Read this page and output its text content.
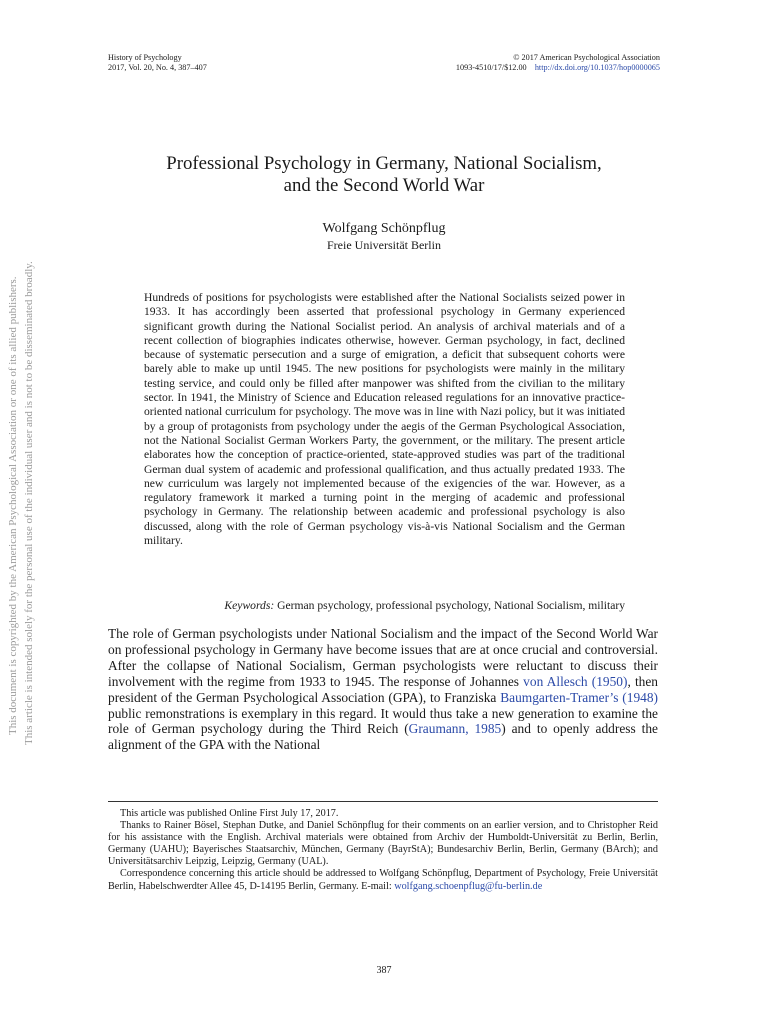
This document is copyrighted by the American Psychological Association or one of its allied publishers. This article is intended solely for the personal use of the individual user and is not to be disseminated broadly.
History of Psychology
2017, Vol. 20, No. 4, 387–407
© 2017 American Psychological Association
1093-4510/17/$12.00 http://dx.doi.org/10.1037/hop0000065
Professional Psychology in Germany, National Socialism,
and the Second World War
Wolfgang Schönpflug
Freie Universität Berlin
Hundreds of positions for psychologists were established after the National Socialists seized power in 1933. It has accordingly been asserted that professional psychology in Germany experienced significant growth during the National Socialist period. An analysis of archival materials and of a recent collection of biographies indicates otherwise, however. German psychology, in fact, declined because of systematic persecution and a surge of emigration, a deficit that subsequent cohorts were barely able to make up until 1945. The new positions for psychologists were mainly in the military testing service, and could only be filled after manpower was shifted from the civilian to the military sector. In 1941, the Ministry of Science and Education released regulations for an innovative practice-oriented national curriculum for psychology. The move was in line with Nazi policy, but it was initiated by a group of protagonists from psychology under the aegis of the German Psychological Association, not the National Socialist German Workers Party, the government, or the military. The present article elaborates how the conception of practice-oriented, state-approved studies was part of the traditional German dual system of academic and professional qualification, and thus actually predated 1933. The new curriculum was largely not implemented because of the exigencies of the war. However, as a regulatory framework it marked a turning point in the merging of academic and professional psychology in Germany. The relationship between academic and professional psychology is also discussed, along with the role of German psychology vis-à-vis National Socialism and the German military.
Keywords: German psychology, professional psychology, National Socialism, military
The role of German psychologists under National Socialism and the impact of the Second World War on professional psychology in Germany have become issues that are at once crucial and controversial. After the collapse of National Socialism, German psychologists were reluctant to discuss their involvement with the regime from 1933 to 1945. The response of Johannes von Allesch (1950), then president of the German Psychological Association (GPA), to Franziska Baumgarten-Tramer’s (1948) public remonstrations is exemplary in this regard. It would thus take a new generation to examine the role of German psychology during the Third Reich (Graumann, 1985) and to openly address the alignment of the GPA with the National

This article was published Online First July 17, 2017.

Thanks to Rainer Bösel, Stephan Dutke, and Daniel Schönpflug for their comments on an earlier version, and to Christopher Reid for his assistance with the English. Archival materials were obtained from Archiv der Humboldt-Universität zu Berlin, Berlin, Germany (UAHU); Bayerisches Staatsarchiv, München, Germany (BayrStA); Bundesarchiv Berlin, Berlin, Germany (BArch); and Universitätsarchiv Leipzig, Leipzig, Germany (UAL).

Correspondence concerning this article should be addressed to Wolfgang Schönpflug, Department of Psychology, Freie Universität Berlin, Habelschwerdter Allee 45, D-14195 Berlin, Germany. E-mail: wolfgang.schoenpflug@fu-berlin.de

387
